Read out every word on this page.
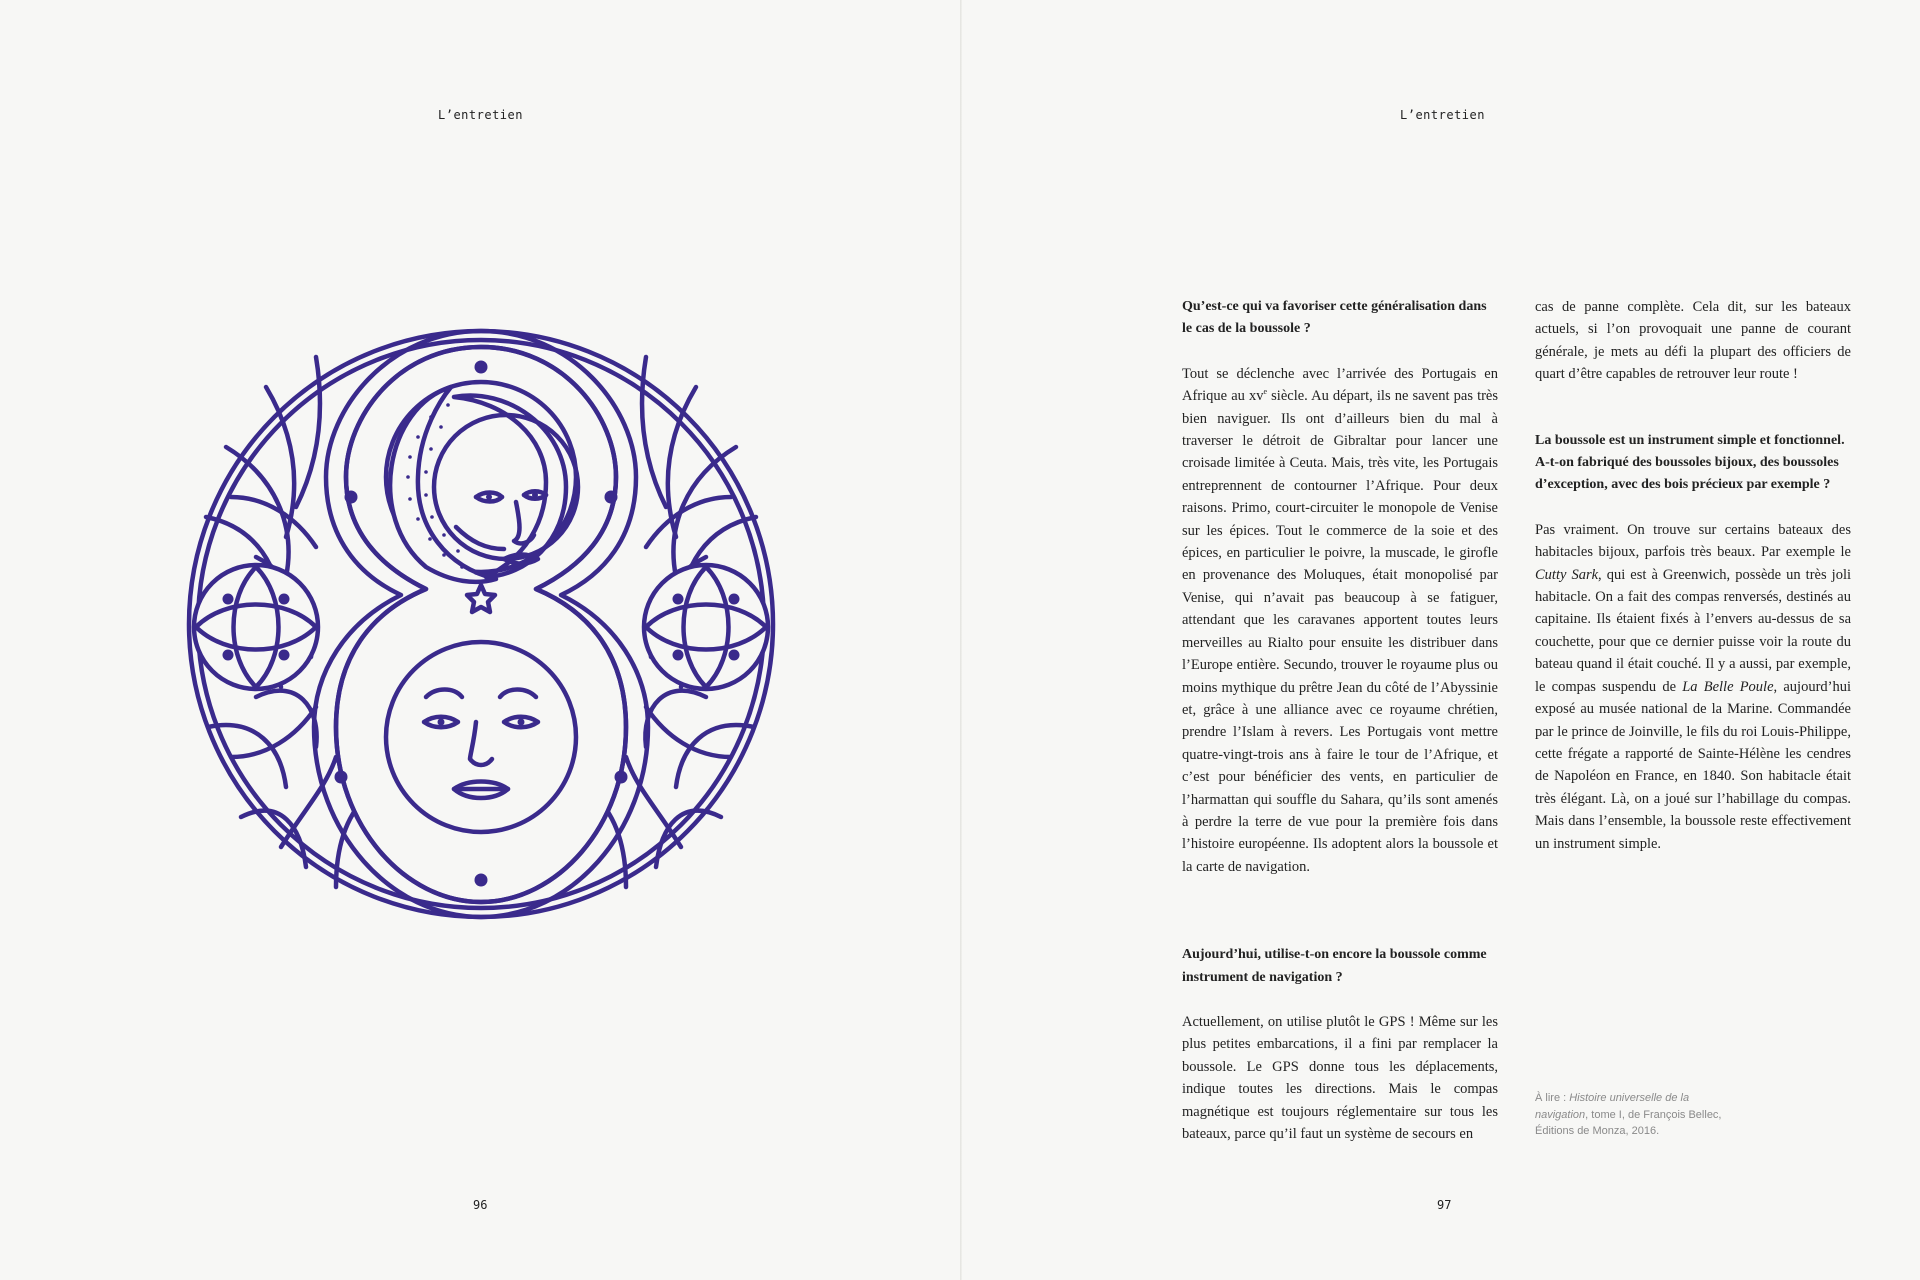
L’entretien
96
L’entretien

Qu’est-ce qui va favoriser cette généralisation dans le cas de la boussole ?

Tout se déclenche avec l’arrivée des Portugais en Afrique au $xv^e$ siècle. Au départ, ils ne savent pas très bien naviguer. Ils ont d’ailleurs bien du mal à traverser le détroit de Gibraltar pour lancer une croisade limitée à Ceuta. Mais, très vite, les Portugais entreprennent de contourner l’Afrique. Pour deux raisons. Primo, court-circuiter le monopole de Venise sur les épices. Tout le commerce de la soie et des épices, en particulier le poivre, la muscade, le girofle en provenance des Moluques, était monopolisé par Venise, qui n’avait pas beaucoup à se fatiguer, attendant que les caravanes apportent toutes leurs merveilles au Rialto pour ensuite les distribuer dans l’Europe entière. Secundo, trouver le royaume plus ou moins mythique du prêtre Jean du côté de l’Abyssinie et, grâce à une alliance avec ce royaume chrétien, prendre l’Islam à revers. Les Portugais vont mettre quatre-vingt-trois ans à faire le tour de l’Afrique, et c’est pour bénéficier des vents, en particulier de l’harmattan qui souffle du Sahara, qu’ils sont amenés à perdre la terre de vue pour la première fois dans l’histoire européenne. Ils adoptent alors la boussole et la carte de navigation.

Aujourd’hui, utilise-t-on encore la boussole comme instrument de navigation ?

Actuellement, on utilise plutôt le GPS ! Même sur les plus petites embarcations, il a fini par remplacer la boussole. Le GPS donne tous les déplacements, indique toutes les directions. Mais le compas magnétique est toujours réglementaire sur tous les bateaux, parce qu’il faut un système de secours en

cas de panne complète. Cela dit, sur les bateaux actuels, si l’on provoquait une panne de courant générale, je mets au défi la plupart des officiers de quart d’être capables de retrouver leur route !

La boussole est un instrument simple et fonctionnel. A-t-on fabriqué des boussoles bijoux, des boussoles d’exception, avec des bois précieux par exemple ?

Pas vraiment. On trouve sur certains bateaux des habitacles bijoux, parfois très beaux. Par exemple le Cutty Sark, qui est à Greenwich, possède un très joli habitacle. On a fait des compas renversés, destinés au capitaine. Ils étaient fixés à l’envers au-dessus de sa couchette, pour que ce dernier puisse voir la route du bateau quand il était couché. Il y a aussi, par exemple, le compas suspendu de La Belle Poule, aujourd’hui exposé au musée national de la Marine. Commandée par le prince de Joinville, le fils du roi Louis-Philippe, cette frégate a rapporté de Sainte-Hélène les cendres de Napoléon en France, en 1840. Son habitacle était très élégant. Là, on a joué sur l’habillage du compas. Mais dans l’ensemble, la boussole reste effectivement un instrument simple.

À lire : Histoire universelle de la navigation, tome I, de François Bellec, Éditions de Monza, 2016.
97
